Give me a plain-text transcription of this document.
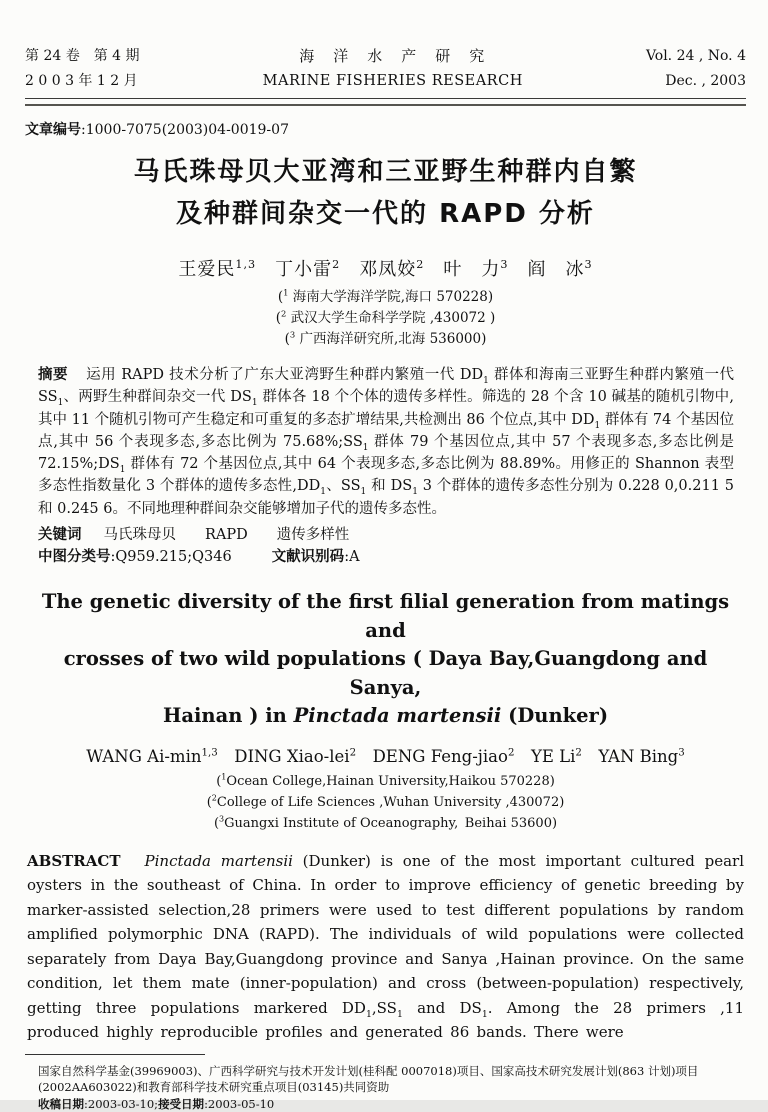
第 24 卷　第 4 期
2 0 0 3 年 1 2 月
海　洋　水　产　研　究
MARINE FISHERIES RESEARCH
Vol. 24 , No. 4
Dec. , 2003
文章编号:1000-7075(2003)04-0019-07
马氏珠母贝大亚湾和三亚野生种群内自繁
及种群间杂交一代的 RAPD 分析
王爱民$^{1,3}$　丁小雷$^2$　邓凤姣$^2$　叶　力$^3$　阎　冰$^3$
($^1$ 海南大学海洋学院,海口 570228)
($^2$ 武汉大学生命科学学院 ,430072 )
($^3$ 广西海洋研究所,北海 536000)
摘要 运用 RAPD 技术分析了广东大亚湾野生种群内繁殖一代 $DD_1$ 群体和海南三亚野生种群内繁殖一代 $SS_1$、两野生种群间杂交一代 $DS_1$ 群体各 18 个个体的遗传多样性。筛选的 28 个含 10 碱基的随机引物中,其中 11 个随机引物可产生稳定和可重复的多态扩增结果,共检测出 86 个位点,其中 $DD_1$ 群体有 74 个基因位点,其中 56 个表现多态,多态比例为 $75.68\%;SS_1$ 群体 79 个基因位点,其中 57 个表现多态,多态比例是 $72.15\%;DS_1$ 群体有 72 个基因位点,其中 64 个表现多态,多态比例为 88.89%。用修正的 Shannon 表型多态性指数量化 3 个群体的遗传多态性$,DD_1$、$SS_1$ 和 $DS_1$ 3 个群体的遗传多态性分别为 0.228 0,0.211 5 和 0.245 6。不同地理种群间杂交能够增加子代的遗传多态性。
关键词 马氏珠母贝　　RAPD　　遗传多样性
中图分类号:Q959.215;Q346	文献识别码:A
The genetic diversity of the first filial generation from matings and
crosses of two wild populations ( Daya Bay,Guangdong and Sanya,
Hainan ) in Pinctada martensii (Dunker)
WANG $Ai-\min^{1,3}$ DING Xiao-lei$^2$ DENG Feng-jiao$^2$ YE Li$^2$ YAN Bing$^3$
($^1$Ocean College,Hainan University,Haikou 570228)
($^2$College of Life Sciences ,Wuhan University ,430072)
($^3$Guangxi Institute of Oceanography, Beihai 53600)
ABSTRACT Pinctada martensii (Dunker) is one of the most important cultured pearl oysters in the southeast of China. In order to improve efficiency of genetic breeding by marker-assisted selection,28 primers were used to test different populations by random amplified polymorphic DNA (RAPD). The individuals of wild populations were collected separately from Daya Bay,Guangdong province and Sanya ,Hainan province. On the same condition, let them mate (inner-population) and cross (between-population) respectively, getting three populations markered $DD_1,SS_1$ and $DS_1$. Among the 28 primers ,11 produced highly reproducible profiles and generated 86 bands. There were
国家自然科学基金(39969003)、广西科学研究与技术开发计划(桂科配 0007018)项目、国家高技术研究发展计划(863 计划)项目
(2002AA603022)和教育部科学技术研究重点项目(03145)共同资助
收稿日期:2003-03-10;接受日期:2003-05-10
